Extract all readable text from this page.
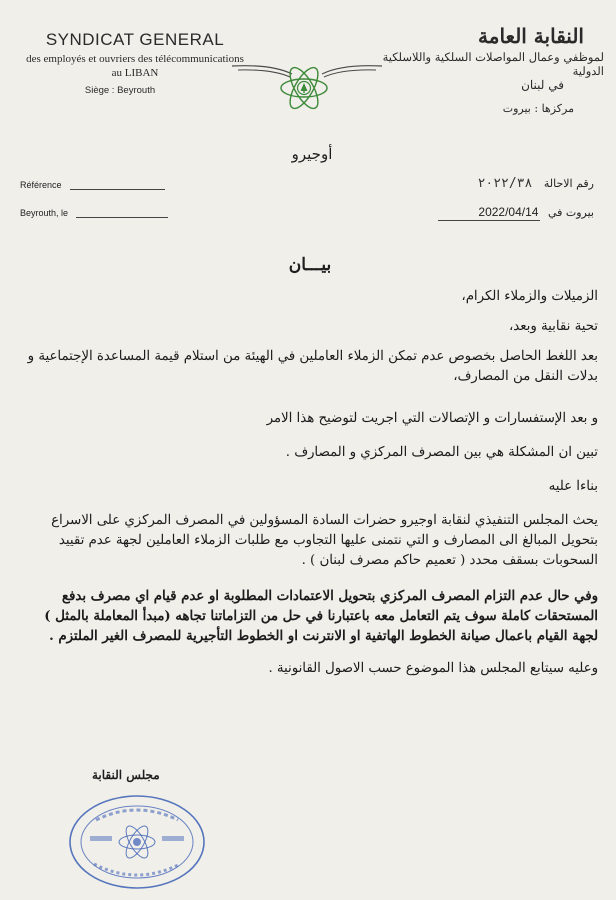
SYNDICAT GENERAL
des employés et ouvriers des télécommunications
au LIBAN
Siège : Beyrouth
النقابة العامة
لموظفي وعمال المواصلات السلكية واللاسلكية الدولية
في لبنان
مركزها : بيروت
أوجيرو
Référence
Beyrouth, le
رقم الاحالة ٢٠٢٢/٣٨
بيروت في 2022/04/14
بيـــان

الزميلات والزملاء الكرام،

تحية نقابية وبعد،

بعد اللغط الحاصل بخصوص عدم تمكن الزملاء العاملين في الهيئة من استلام قيمة المساعدة الإجتماعية و بدلات النقل من المصارف،

و بعد الإستفسارات و الإتصالات التي اجريت لتوضيح هذا الامر

تبين ان المشكلة هي بين المصرف المركزي و المصارف .

بناءا عليه

يحث المجلس التنفيذي لنقابة اوجيرو حضرات السادة المسؤولين في المصرف المركزي على الاسراع بتحويل المبالغ الى المصارف و التي نتمنى عليها التجاوب مع طلبات الزملاء العاملين لجهة عدم تقييد السحوبات بسقف محدد ( تعميم حاكم مصرف لبنان ) .

وفي حال عدم التزام المصرف المركزي بتحويل الاعتمادات المطلوبة او عدم قيام اي مصرف بدفع المستحقات كاملة سوف يتم التعامل معه باعتبارنا في حل من التزاماتنا تجاهه (مبدأ المعاملة بالمثل ) لجهة القيام باعمال صيانة الخطوط الهاتفية او الانترنت او الخطوط التأجيرية للمصرف الغير الملتزم .

وعليه سيتابع المجلس هذا الموضوع حسب الاصول القانونية .

مجلس النقابة
